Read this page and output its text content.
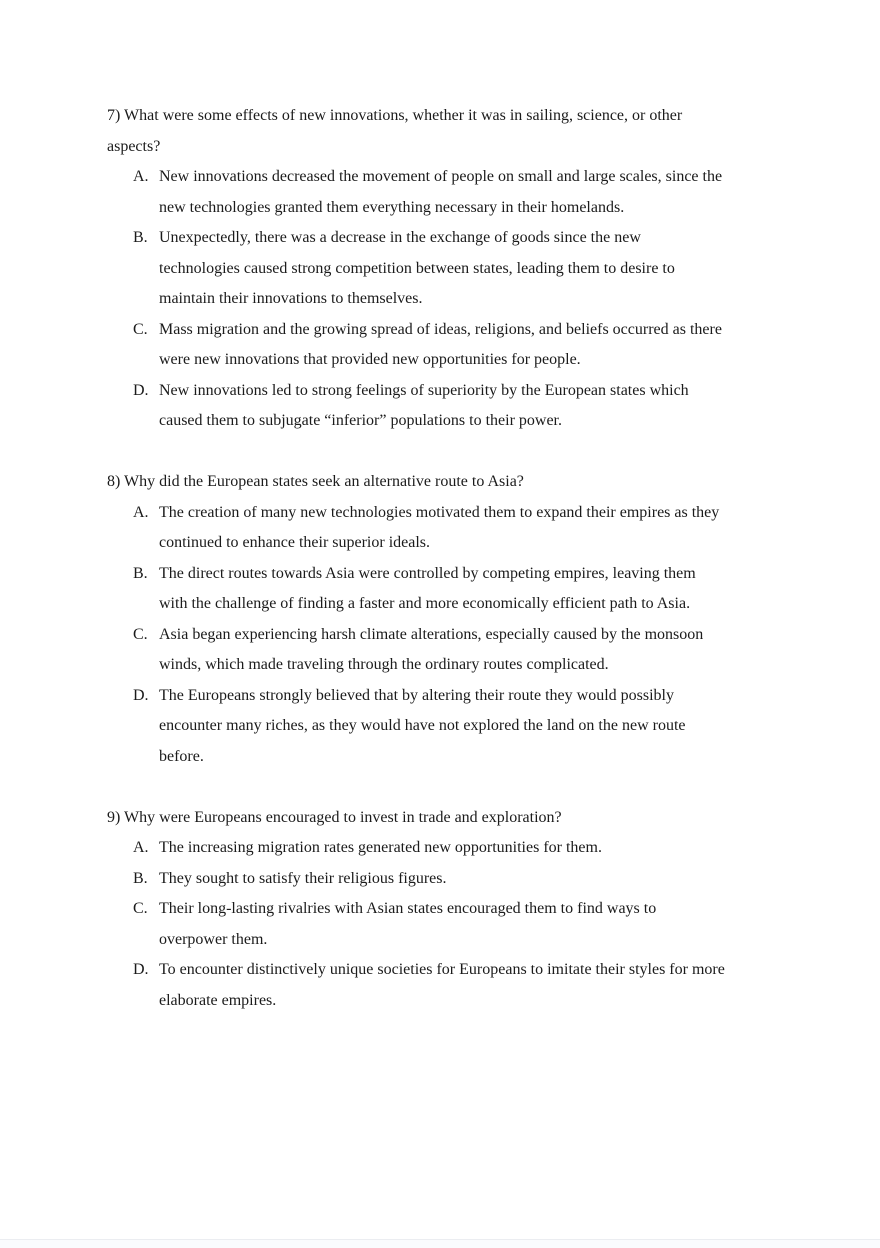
7) What were some effects of new innovations, whether it was in sailing, science, or other
aspects?
A. New innovations decreased the movement of people on small and large scales, since the
new technologies granted them everything necessary in their homelands.
B. Unexpectedly, there was a decrease in the exchange of goods since the new
technologies caused strong competition between states, leading them to desire to
maintain their innovations to themselves.
C. Mass migration and the growing spread of ideas, religions, and beliefs occurred as there
were new innovations that provided new opportunities for people.
D. New innovations led to strong feelings of superiority by the European states which
caused them to subjugate “inferior” populations to their power.
8) Why did the European states seek an alternative route to Asia?
A. The creation of many new technologies motivated them to expand their empires as they
continued to enhance their superior ideals.
B. The direct routes towards Asia were controlled by competing empires, leaving them
with the challenge of finding a faster and more economically efficient path to Asia.
C. Asia began experiencing harsh climate alterations, especially caused by the monsoon
winds, which made traveling through the ordinary routes complicated.
D. The Europeans strongly believed that by altering their route they would possibly
encounter many riches, as they would have not explored the land on the new route
before.
9) Why were Europeans encouraged to invest in trade and exploration?
A. The increasing migration rates generated new opportunities for them.
B. They sought to satisfy their religious figures.
C. Their long-lasting rivalries with Asian states encouraged them to find ways to
overpower them.
D. To encounter distinctively unique societies for Europeans to imitate their styles for more
elaborate empires.
